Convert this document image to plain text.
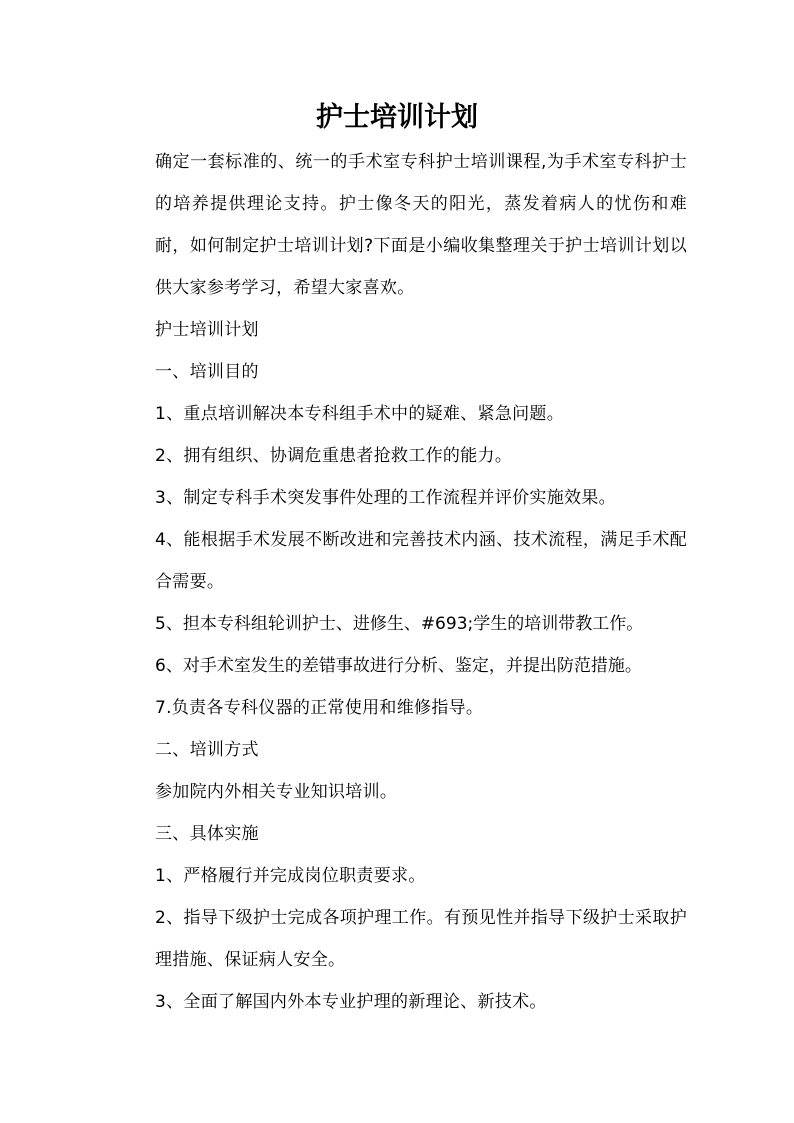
护士培训计划

确定一套标准的、统一的手术室专科护士培训课程,为手术室专科护士的培养提供理论支持。护士像冬天的阳光，蒸发着病人的忧伤和难耐，如何制定护士培训计划?下面是小编收集整理关于护士培训计划以供大家参考学习，希望大家喜欢。

护士培训计划

一、培训目的

1、重点培训解决本专科组手术中的疑难、紧急问题。

2、拥有组织、协调危重患者抢救工作的能力。

3、制定专科手术突发事件处理的工作流程并评价实施效果。

4、能根据手术发展不断改进和完善技术内涵、技术流程，满足手术配合需要。

5、担本专科组轮训护士、进修生、#693;学生的培训带教工作。

6、对手术室发生的差错事故进行分析、鉴定，并提出防范措施。

7.负责各专科仪器的正常使用和维修指导。

二、培训方式

参加院内外相关专业知识培训。

三、具体实施

1、严格履行并完成岗位职责要求。

2、指导下级护士完成各项护理工作。有预见性并指导下级护士采取护理措施、保证病人安全。

3、全面了解国内外本专业护理的新理论、新技术。
